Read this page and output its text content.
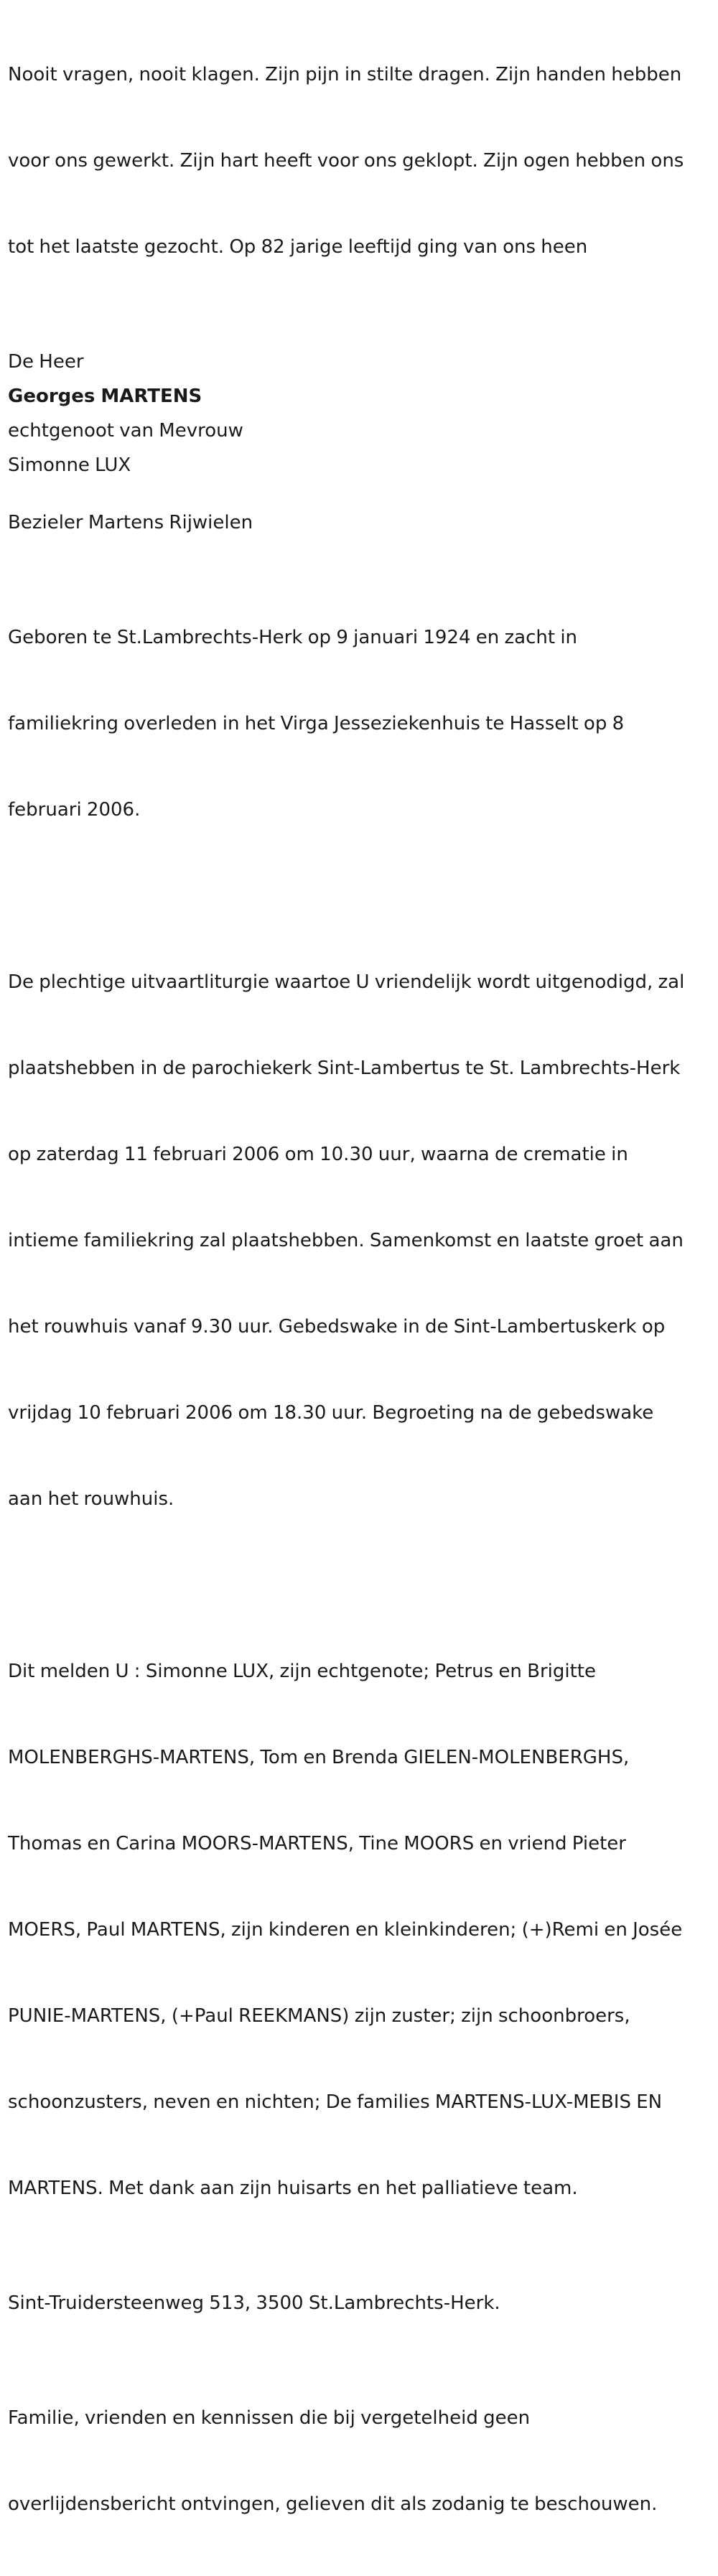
Nooit vragen, nooit klagen. Zijn pijn in stilte dragen. Zijn handen hebben

voor ons gewerkt. Zijn hart heeft voor ons geklopt. Zijn ogen hebben ons

tot het laatste gezocht. Op 82 jarige leeftijd ging van ons heen

De Heer

Georges MARTENS

echtgenoot van Mevrouw

Simonne LUX

Bezieler Martens Rijwielen

Geboren te St.Lambrechts-Herk op 9 januari 1924 en zacht in

familiekring overleden in het Virga Jesseziekenhuis te Hasselt op 8

februari 2006.

De plechtige uitvaartliturgie waartoe U vriendelijk wordt uitgenodigd, zal

plaatshebben in de parochiekerk Sint-Lambertus te St. Lambrechts-Herk

op zaterdag 11 februari 2006 om 10.30 uur, waarna de crematie in

intieme familiekring zal plaatshebben. Samenkomst en laatste groet aan

het rouwhuis vanaf 9.30 uur. Gebedswake in de Sint-Lambertuskerk op

vrijdag 10 februari 2006 om 18.30 uur. Begroeting na de gebedswake

aan het rouwhuis.

Dit melden U : Simonne LUX, zijn echtgenote; Petrus en Brigitte

MOLENBERGHS-MARTENS, Tom en Brenda GIELEN-MOLENBERGHS,

Thomas en Carina MOORS-MARTENS, Tine MOORS en vriend Pieter

MOERS, Paul MARTENS, zijn kinderen en kleinkinderen; (+)Remi en Josée

PUNIE-MARTENS, (+Paul REEKMANS) zijn zuster; zijn schoonbroers,

schoonzusters, neven en nichten; De families MARTENS-LUX-MEBIS EN

MARTENS. Met dank aan zijn huisarts en het palliatieve team.

Sint-Truidersteenweg 513, 3500 St.Lambrechts-Herk.

Familie, vrienden en kennissen die bij vergetelheid geen

overlijdensbericht ontvingen, gelieven dit als zodanig te beschouwen.
